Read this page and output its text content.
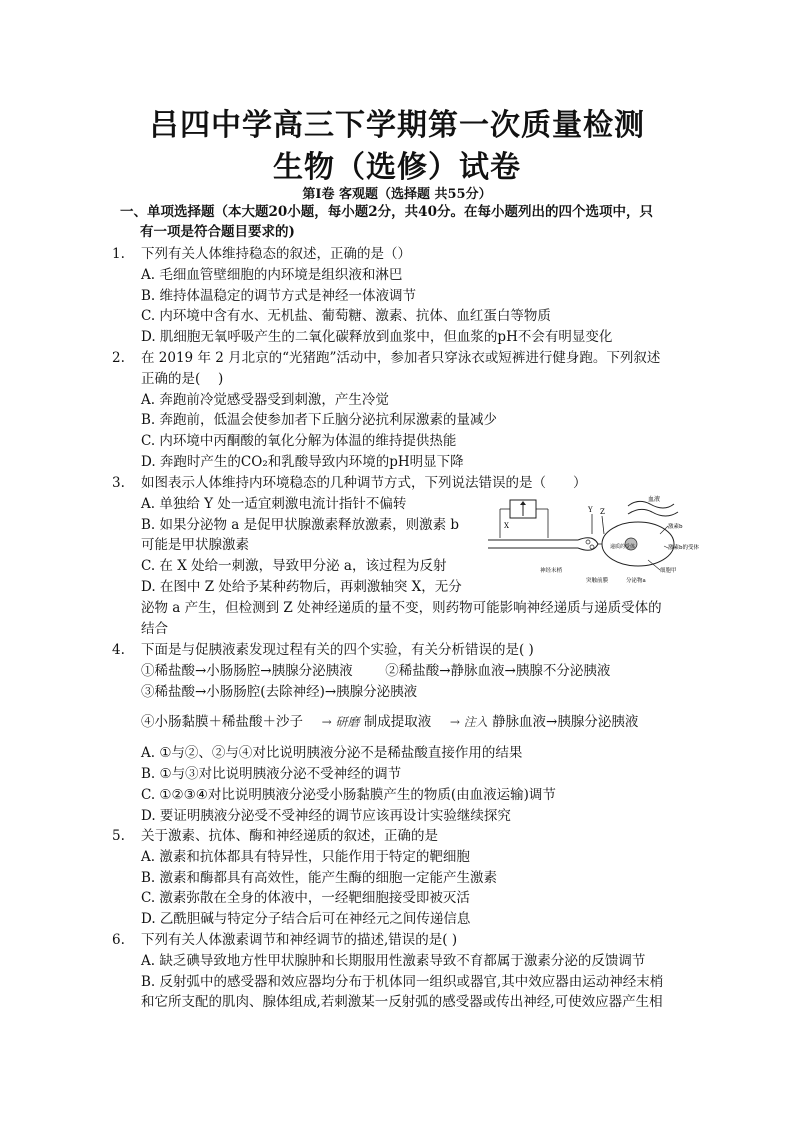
吕四中学高三下学期第一次质量检测
生物（选修）试卷
第Ⅰ卷 客观题（选择题 共55分）
一、单项选择题（本大题20小题，每小题2分，共40分。在每小题列出的四个选项中，只
有一项是符合题目要求的)
1. 下列有关人体维持稳态的叙述，正确的是（）
A. 毛细血管壁细胞的内环境是组织液和淋巴
B. 维持体温稳定的调节方式是神经一体液调节
C. 内环境中含有水、无机盐、葡萄糖、激素、抗体、血红蛋白等物质
D. 肌细胞无氧呼吸产生的二氧化碳释放到血浆中，但血浆的pH不会有明显变化
2. 在 2019 年 2 月北京的“光猪跑”活动中，参加者只穿泳衣或短裤进行健身跑。下列叙述
正确的是(　 )
A. 奔跑前冷觉感受器受到刺激，产生冷觉
B. 奔跑前，低温会使参加者下丘脑分泌抗利尿激素的量减少
C. 内环境中丙酮酸的氧化分解为体温的维持提供热能
D. 奔跑时产生的CO₂和乳酸导致内环境的pH明显下降
3. 如图表示人体维持内环境稳态的几种调节方式，下列说法错误的是（　　）
A. 单独给 Y 处一适宜刺激电流计指针不偏转
B. 如果分泌物 a 是促甲状腺激素释放激素，则激素 b
可能是甲状腺激素
C. 在 X 处给一刺激，导致甲分泌 a，该过程为反射
D. 在图中 Z 处给予某种药物后，再刺激轴突 X，无分
泌物 a 产生，但检测到 Z 处神经递质的量不变，则药物可能影响神经递质与递质受体的
结合
X
Y Z
血液
激素b
激素b的受体
递质的受体
细胞甲
神经末梢
突触前膜	分泌物a
4. 下面是与促胰液素发现过程有关的四个实验，有关分析错误的是( )
①稀盐酸→小肠肠腔→胰腺分泌胰液 ②稀盐酸→静脉血液→胰腺不分泌胰液
③稀盐酸→小肠肠腔(去除神经)→胰腺分泌胰液
④小肠黏膜＋稀盐酸＋沙子 → 研磨 制成提取液 → 注入 静脉血液→胰腺分泌胰液
A. ①与②、②与④对比说明胰液分泌不是稀盐酸直接作用的结果
B. ①与③对比说明胰液分泌不受神经的调节
C. ①②③④对比说明胰液分泌受小肠黏膜产生的物质(由血液运输)调节
D. 要证明胰液分泌受不受神经的调节应该再设计实验继续探究
5. 关于激素、抗体、酶和神经递质的叙述，正确的是
A. 激素和抗体都具有特异性，只能作用于特定的靶细胞
B. 激素和酶都具有高效性，能产生酶的细胞一定能产生激素
C. 激素弥散在全身的体液中，一经靶细胞接受即被灭活
D. 乙酰胆碱与特定分子结合后可在神经元之间传递信息
6. 下列有关人体激素调节和神经调节的描述,错误的是( )
A. 缺乏碘导致地方性甲状腺肿和长期服用性激素导致不育都属于激素分泌的反馈调节
B. 反射弧中的感受器和效应器均分布于机体同一组织或器官,其中效应器由运动神经末梢
和它所支配的肌肉、腺体组成,若刺激某一反射弧的感受器或传出神经,可使效应器产生相
